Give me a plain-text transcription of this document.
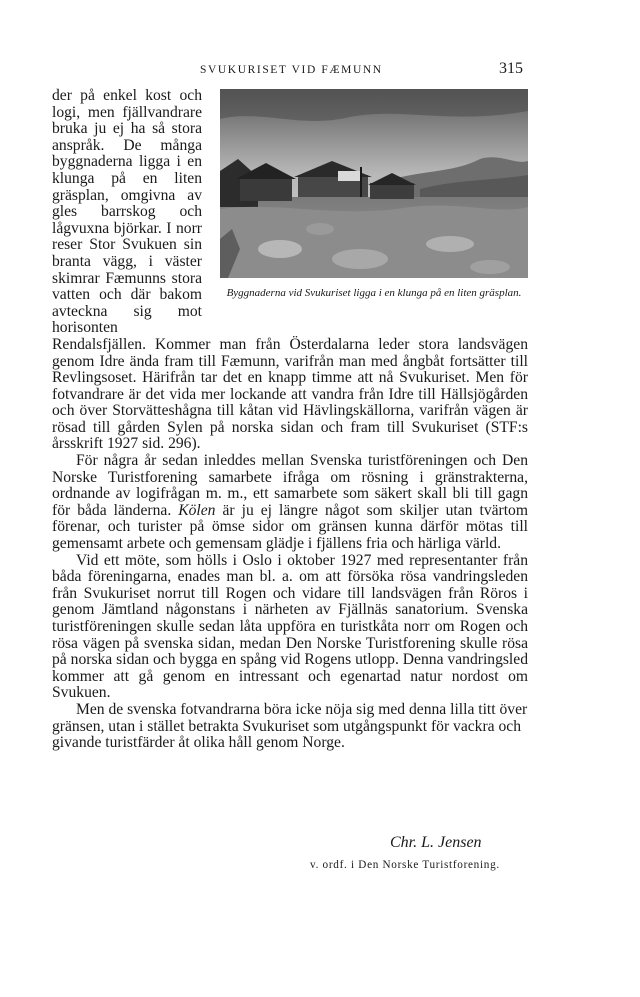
SVUKURISET VID FÆMUNN	315
Byggnaderna vid Svukuriset ligga i en klunga på en liten gräsplan.

der på enkel kost och logi, men fjällvandrare bruka ju ej ha så stora anspråk. De många byggnaderna ligga i en klunga på en liten gräsplan, omgivna av gles barrskog och lågvuxna björkar. I norr reser Stor Svukuen sin branta vägg, i väster skimrar Fæmunns stora vatten och där bakom avteckna sig mot horisonten Rendalsfjällen. Kommer man från Österdalarna leder stora landsvägen genom Idre ända fram till Fæmunn, varifrån man med ångbåt fortsätter till Revlingsoset. Härifrån tar det en knapp timme att nå Svukuriset. Men för fotvandrare är det vida mer lockande att vandra från Idre till Hällsjögården och över Storvätteshågna till kåtan vid Hävlingskällorna, varifrån vägen är rösad till gården Sylen på norska sidan och fram till Svukuriset (STF:s årsskrift 1927 sid. 296).

För några år sedan inleddes mellan Svenska turistföreningen och Den Norske Turistforening samarbete ifråga om rösning i gränstrakterna, ordnande av logifrågan m. m., ett samarbete som säkert skall bli till gagn för båda länderna. Kölen är ju ej längre något som skiljer utan tvärtom förenar, och turister på ömse sidor om gränsen kunna därför mötas till gemensamt arbete och gemensam glädje i fjällens fria och härliga värld.

Vid ett möte, som hölls i Oslo i oktober 1927 med representanter från båda föreningarna, enades man bl. a. om att försöka rösa vandringsleden från Svukuriset norrut till Rogen och vidare till landsvägen från Röros i genom Jämtland någonstans i närheten av Fjällnäs sanatorium. Svenska turistföreningen skulle sedan låta uppföra en turistkåta norr om Rogen och rösa vägen på svenska sidan, medan Den Norske Turistforening skulle rösa på norska sidan och bygga en spång vid Rogens utlopp. Denna vandringsled kommer att gå genom en intressant och egenartad natur nordost om Svukuen.

Men de svenska fotvandrarna böra icke nöja sig med denna lilla titt över gränsen, utan i stället betrakta Svukuriset som utgångspunkt för vackra och givande turistfärder åt olika håll genom Norge.

Chr. L. Jensen
v. ordf. i Den Norske Turistforening.
